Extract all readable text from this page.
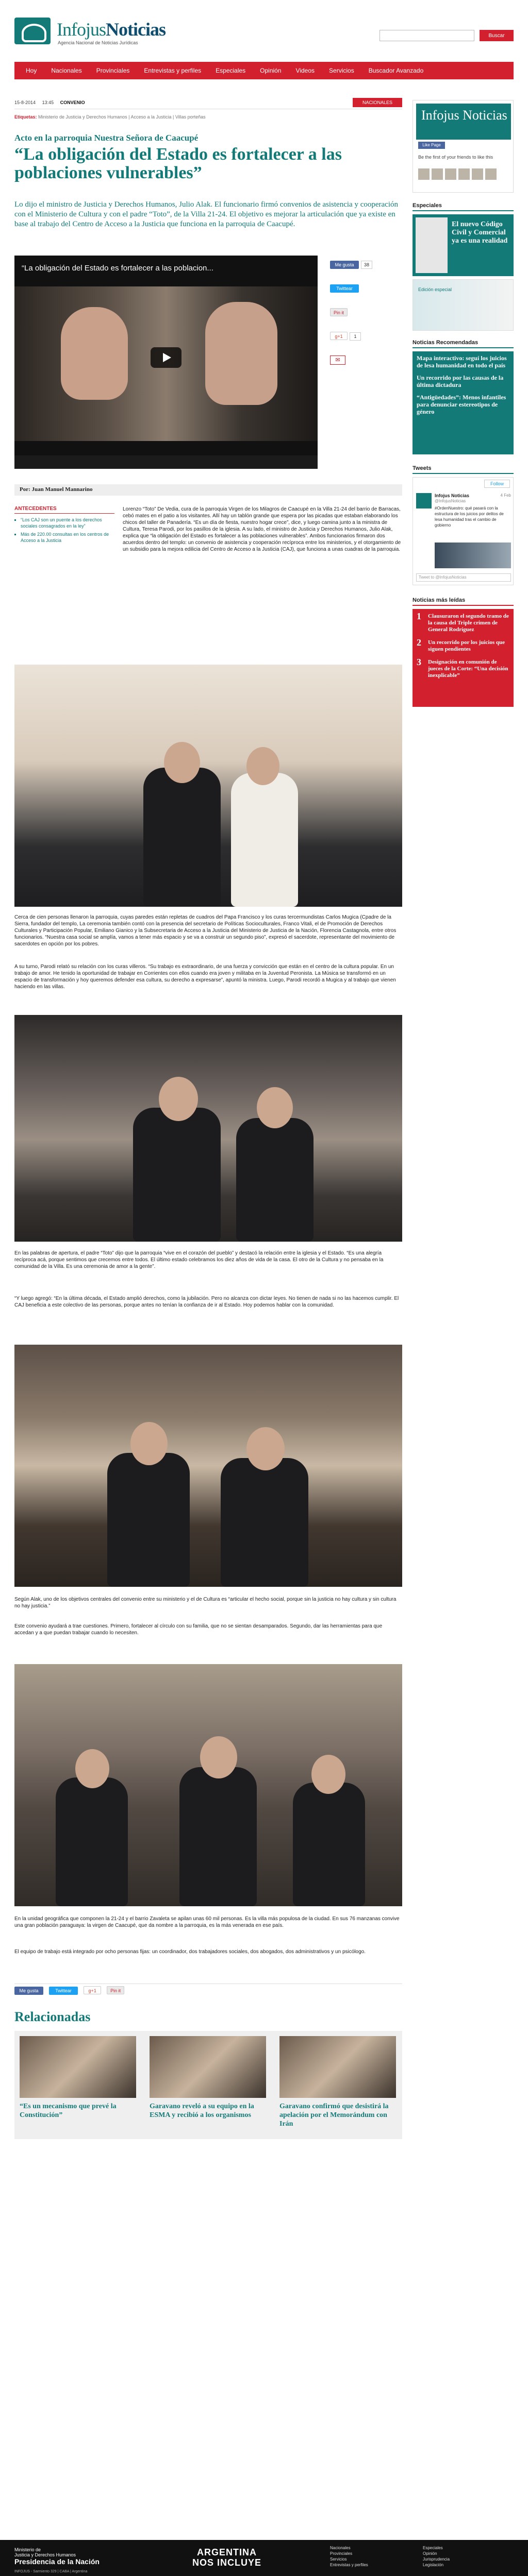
InfojusNoticias
Agencia Nacional de Noticias Jurídicas
Buscar
Hoy	Nacionales	Provinciales	Entrevistas y perfiles	Especiales	Opinión	Videos	Servicios	Buscador Avanzado
15-8-2014 13:45 CONVENIO	NACIONALES
Etiquetas: Ministerio de Justicia y Derechos Humanos | Acceso a la Justicia | Villas porteñas
Acto en la parroquia Nuestra Señora de Caacupé
“La obligación del Estado es fortalecer a las poblaciones vulnerables”
Lo dijo el ministro de Justicia y Derechos Humanos, Julio Alak. El funcionario firmó convenios de asistencia y cooperación con el Ministerio de Cultura y con el padre “Toto”, de la Villa 21-24. El objetivo es mejorar la articulación que ya existe en base al trabajo del Centro de Acceso a la Justicia que funciona en la parroquia de Caacupé.
“La obligación del Estado es fortalecer a las poblacion...	Me gusta 38
Twittear
Pin it
g+1 1
✉
Por: Juan Manuel Mannarino
ANTECEDENTES
▪ “Los CAJ son un puente a los derechos sociales consagrados en la ley”
▪ Más de 220.00 consultas en los centros de Acceso a la Justicia
Lorenzo “Toto” De Vedia, cura de la parroquia Virgen de los Milagros de Caacupé en la Villa 21-24 del barrio de Barracas, cebó mates en el patio a los visitantes. Allí hay un tablón grande que espera por las picadas que estaban elaborando los chicos del taller de Panadería. “Es un día de fiesta, nuestro hogar crece”, dice, y luego camina junto a la ministra de Cultura, Teresa Parodi, por los pasillos de la iglesia. A su lado, el ministro de Justicia y Derechos Humanos, Julio Alak, explica que “la obligación del Estado es fortalecer a las poblaciones vulnerables”. Ambos funcionarios firmaron dos acuerdos dentro del templo: un convenio de asistencia y cooperación recíproca entre los ministerios, y el otorgamiento de un subsidio para la mejora edilicia del Centro de Acceso a la Justicia (CAJ), que funciona a unas cuadras de la parroquia.
Cerca de cien personas llenaron la parroquia, cuyas paredes están repletas de cuadros del Papa Francisco y los curas tercermundistas Carlos Mugica (Cpadre de la Sierra, fundador del templo, La ceremonia también contó con la presencia del secretario de Políticas Socioculturales, Franco Vitali, el de Promoción de Derechos Culturales y Participación Popular, Emiliano Gianico y la Subsecretaria de Acceso a la Justicia del Ministerio de Justicia de la Nación, Florencia Castagnola, entre otros funcionarios. “Nuestra casa social se amplía, vamos a tener más espacio y se va a construir un segundo piso”, expresó el sacerdote, representante del movimiento de sacerdotes en opción por los pobres.
A su turno, Parodi relató su relación con los curas villeros. “Su trabajo es extraordinario, de una fuerza y convicción que están en el centro de la cultura popular. En un trabajo de amor. He tenido la oportunidad de trabajar en Corrientes con ellos cuando era joven y militaba en la Juventud Peronista. La Música se transformó en un espacio de transformación y hoy queremos defender esa cultura, su derecho a expresarse”, apuntó la ministra. Luego, Parodi recordó a Mugica y al trabajo que vienen haciendo en las villas.
En las palabras de apertura, el padre “Toto” dijo que la parroquia “vive en el corazón del pueblo” y destacó la relación entre la iglesia y el Estado. “Es una alegría recíproca acá, porque sentimos que crecemos entre todos. El último estado celebramos los diez años de vida de la casa. El otro de la Cultura y no pensaba en la comunidad de la Villa. Es una ceremonia de amor a la gente”.
“Y luego agregó: “En la última década, el Estado amplió derechos, como la jubilación. Pero no alcanza con dictar leyes. No tienen de nada si no las hacemos cumplir. El CAJ beneficia a este colectivo de las personas, porque antes no tenían la confianza de ir al Estado. Hoy podemos hablar con la comunidad.
Según Alak, uno de los objetivos centrales del convenio entre su ministerio y el de Cultura es “articular el hecho social, porque sin la justicia no hay cultura y sin cultura no hay justicia.”
Este convenio ayudará a trae cuestiones. Primero, fortalecer al círculo con su familia, que no se sientan desamparados. Segundo, dar las herramientas para que accedan y a que puedan trabajar cuando lo necesiten.
En la unidad geográfica que componen la 21-24 y el barrio Zavaleta se apilan unas 60 mil personas. Es la villa más populosa de la ciudad. En sus 76 manzanas convive una gran población paraguaya: la virgen de Caacupé, que da nombre a la parroquia, es la más venerada en ese país.
El equipo de trabajo está integrado por ocho personas fijas: un coordinador, dos trabajadores sociales, dos abogados, dos administrativos y un psicólogo.
Me gusta	Twittear	g+1	Pin it
Relacionadas
“Es un mecanismo que prevé la Constitución”
Garavano reveló a su equipo en la ESMA y recibió a los organismos
Garavano confirmó que desistirá la apelación por el Memorándum con Irán
Infojus Noticias
Like Page
Be the first of your friends to like this
Especiales
El nuevo Código Civil y Comercial ya es una realidad
Edición especial
Noticias Recomendadas
Mapa interactivo: seguí los juicios de lesa humanidad en todo el país
Un recorrido por las causas de la última dictadura
“Antigüedades”: Menos infantiles para denunciar estereotipos de género
Tweets
Follow
Infojus Noticias
@InfojusNoticias
4 Feb
#OrdenNuestro: qué pasará con la estructura de los juicios por delitos de lesa humanidad tras el cambio de gobierno
Tweet to @InfojusNoticias
Noticias más leídas
1 Clausuraron el segundo tramo de la causa del Triple crimen de General Rodríguez
2 Un recorrido por los juicios que siguen pendientes
3 Designación en comunión de jueces de la Corte: “Una decisión inexplicable”
Ministerio de
Justicia y Derechos Humanos
Presidencia de la Nación
INFOJUS - Sarmiento 329 | CABA | Argentina
ARGENTINA NOS INCLUYE
Nacionales
Provinciales
Servicios
Entrevistas y perfiles
Especiales
Opinión
Jurisprudencia
Legislación
